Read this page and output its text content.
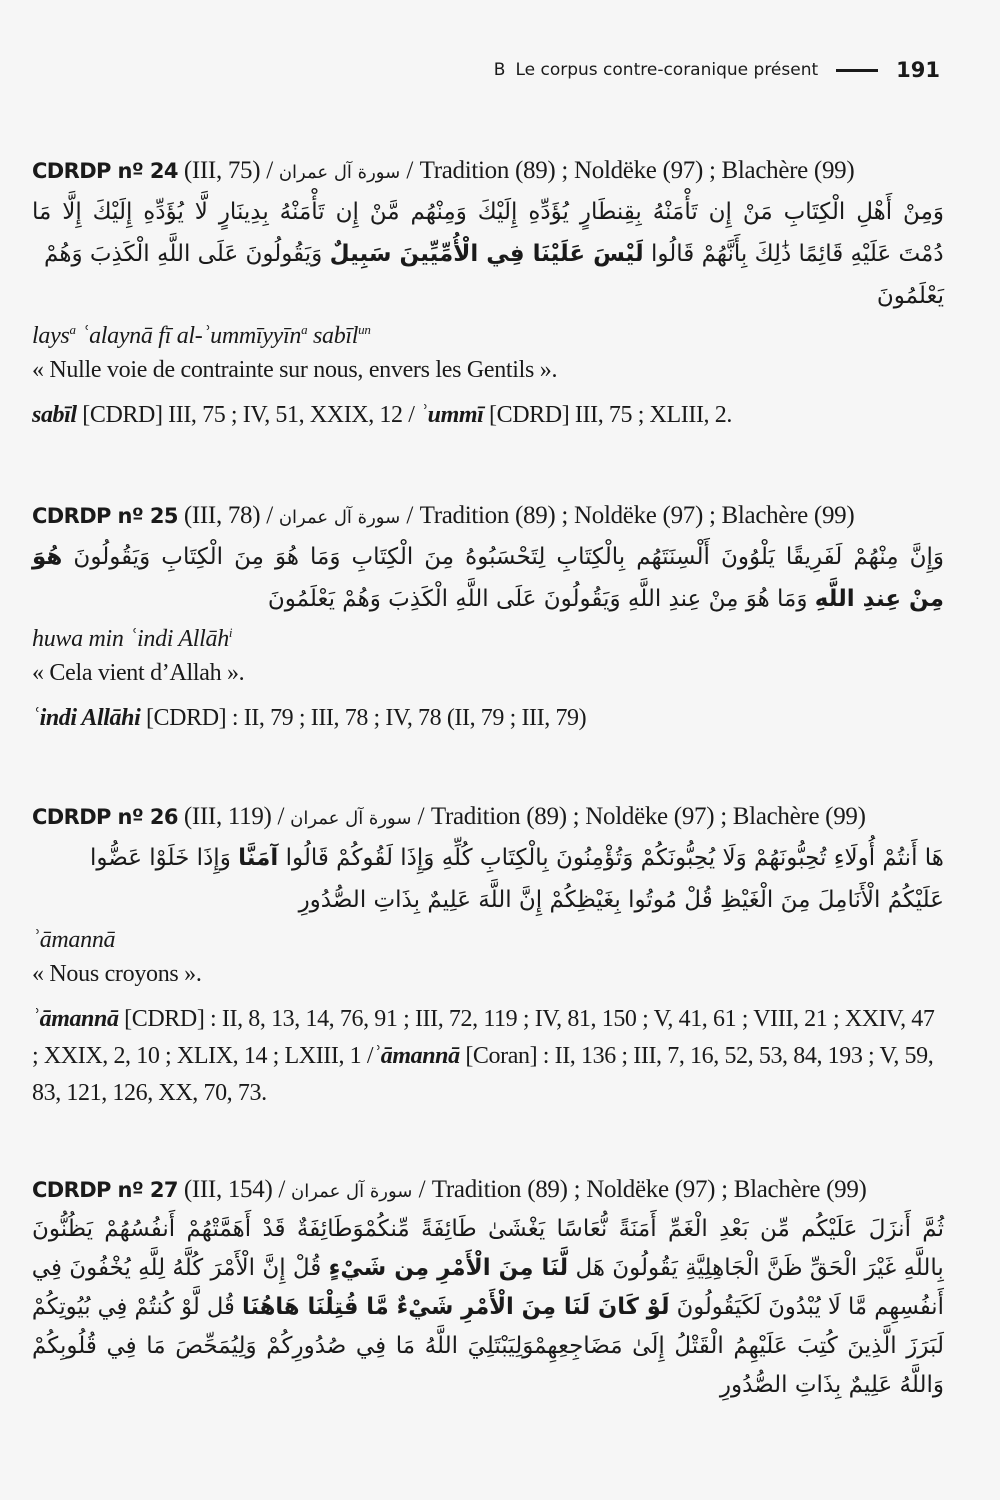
B Le corpus contre-coranique présent	191
CDRDP nº 24 (III, 75) / سورة آل عمران / Tradition (89) ; Noldëke (97) ; Blachère (99)
وَمِنْ أَهْلِ الْكِتَابِ مَنْ إِن تَأْمَنْهُ بِقِنطَارٍ يُؤَدِّهِ إِلَيْكَ وَمِنْهُم مَّنْ إِن تَأْمَنْهُ بِدِينَارٍ لَّا يُؤَدِّهِ إِلَيْكَ إِلَّا مَا
دُمْتَ عَلَيْهِ قَائِمًا ذَٰلِكَ بِأَنَّهُمْ قَالُوا لَيْسَ عَلَيْنَا فِي الْأُمِّيِّينَ سَبِيلٌ وَيَقُولُونَ عَلَى اللَّهِ الْكَذِبَ وَهُمْ
يَعْلَمُونَ
lays$^a$ ʿalaynā fī al-ʾummīyyīn$^a$ sabīl$^{un}$
« Nulle voie de contrainte sur nous, envers les Gentils ».
sabīl [CDRD] III, 75 ; IV, 51, XXIX, 12 / ʾummī [CDRD] III, 75 ; XLIII, 2.
CDRDP nº 25 (III, 78) / سورة آل عمران / Tradition (89) ; Noldëke (97) ; Blachère (99)
وَإِنَّ مِنْهُمْ لَفَرِيقًا يَلْوُونَ أَلْسِنَتَهُم بِالْكِتَابِ لِتَحْسَبُوهُ مِنَ الْكِتَابِ وَمَا هُوَ مِنَ الْكِتَابِ وَيَقُولُونَ هُوَ
مِنْ عِندِ اللَّهِ وَمَا هُوَ مِنْ عِندِ اللَّهِ وَيَقُولُونَ عَلَى اللَّهِ الْكَذِبَ وَهُمْ يَعْلَمُونَ
huwa min ʿindi Allāh$^i$
« Cela vient d’Allah ».
ʿindi Allāhi [CDRD] : II, 79 ; III, 78 ; IV, 78 (II, 79 ; III, 79)
CDRDP nº 26 (III, 119) / سورة آل عمران / Tradition (89) ; Noldëke (97) ; Blachère (99)
هَا أَنتُمْ أُولَاءِ تُحِبُّونَهُمْ وَلَا يُحِبُّونَكُمْ وَتُؤْمِنُونَ بِالْكِتَابِ كُلِّهِ وَإِذَا لَقُوكُمْ قَالُوا آمَنَّا وَإِذَا خَلَوْا عَضُّوا
عَلَيْكُمُ الْأَنَامِلَ مِنَ الْغَيْظِ قُلْ مُوتُوا بِغَيْظِكُمْ إِنَّ اللَّهَ عَلِيمٌ بِذَاتِ الصُّدُورِ
ʾāmannā
« Nous croyons ».
ʾāmannā [CDRD] : II, 8, 13, 14, 76, 91 ; III, 72, 119 ; IV, 81, 150 ; V, 41, 61 ; VIII, 21 ; XXIV, 47 ; XXIX, 2, 10 ; XLIX, 14 ; LXIII, 1 /ʾāmannā [Coran] : II, 136 ; III, 7, 16, 52, 53, 84, 193 ; V, 59, 83, 121, 126, XX, 70, 73.
CDRDP nº 27 (III, 154) / سورة آل عمران / Tradition (89) ; Noldëke (97) ; Blachère (99)
ثُمَّ أَنزَلَ عَلَيْكُم مِّن بَعْدِ الْغَمِّ أَمَنَةً نُّعَاسًا يَغْشَىٰ طَائِفَةً مِّنكُمْوَطَائِفَةٌ قَدْ أَهَمَّتْهُمْ أَنفُسُهُمْ يَظُنُّونَ
بِاللَّهِ غَيْرَ الْحَقِّ ظَنَّ الْجَاهِلِيَّةِ يَقُولُونَ هَل لَّنَا مِنَ الْأَمْرِ مِن شَيْءٍ قُلْ إِنَّ الْأَمْرَ كُلَّهُ لِلَّهِ يُخْفُونَ فِي
أَنفُسِهِم مَّا لَا يُبْدُونَ لَكَيَقُولُونَ لَوْ كَانَ لَنَا مِنَ الْأَمْرِ شَيْءٌ مَّا قُتِلْنَا هَاهُنَا قُل لَّوْ كُنتُمْ فِي بُيُوتِكُمْ
لَبَرَزَ الَّذِينَ كُتِبَ عَلَيْهِمُ الْقَتْلُ إِلَىٰ مَضَاجِعِهِمْوَلِيَبْتَلِيَ اللَّهُ مَا فِي صُدُورِكُمْ وَلِيُمَحِّصَ مَا فِي قُلُوبِكُمْ
وَاللَّهُ عَلِيمٌ بِذَاتِ الصُّدُورِ
